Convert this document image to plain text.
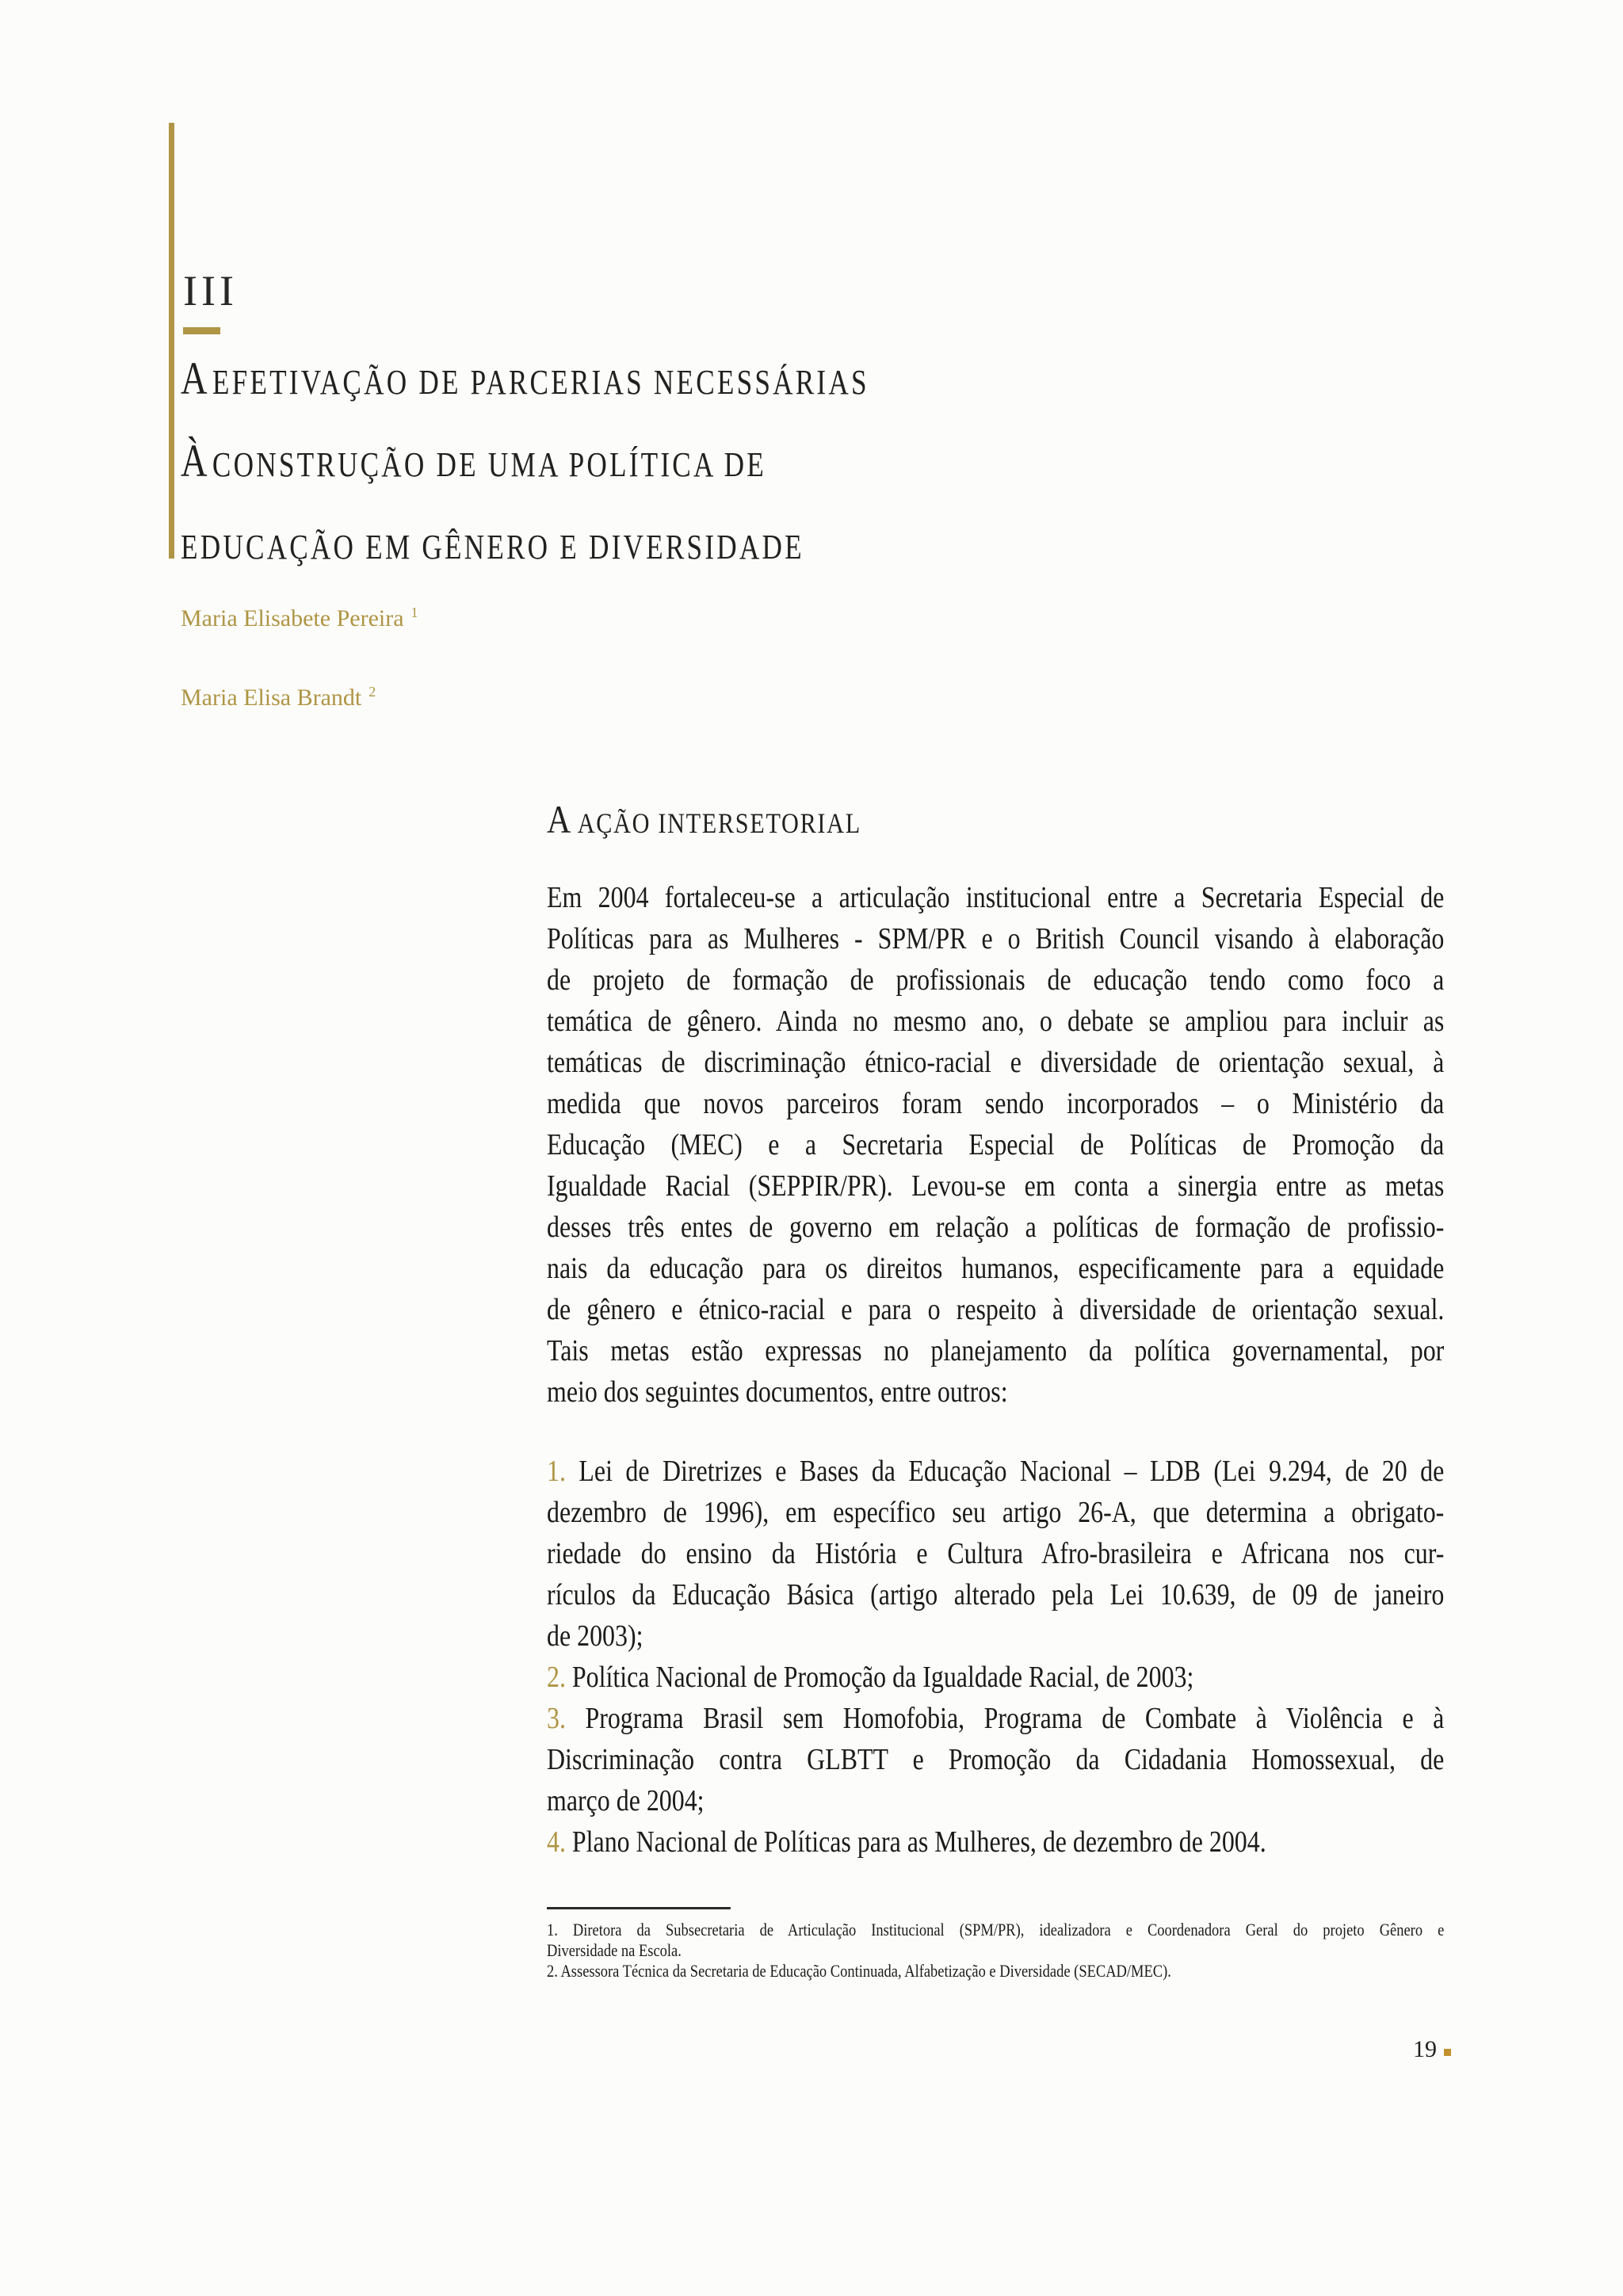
III
A EFETIVAÇÃO DE PARCERIAS NECESSÁRIAS
À CONSTRUÇÃO DE UMA POLÍTICA DE
EDUCAÇÃO EM GÊNERO E DIVERSIDADE
Maria Elisabete Pereira $^1$
Maria Elisa Brandt $^2$
A AÇÃO INTERSETORIAL
Em 2004 fortaleceu-se a articulação institucional entre a Secretaria Especial de
Políticas para as Mulheres - SPM/PR e o British Council visando à elaboração
de projeto de formação de profissionais de educação tendo como foco a
temática de gênero. Ainda no mesmo ano, o debate se ampliou para incluir as
temáticas de discriminação étnico-racial e diversidade de orientação sexual, à
medida que novos parceiros foram sendo incorporados – o Ministério da
Educação (MEC) e a Secretaria Especial de Políticas de Promoção da
Igualdade Racial (SEPPIR/PR). Levou-se em conta a sinergia entre as metas
desses três entes de governo em relação a políticas de formação de profissio-
nais da educação para os direitos humanos, especificamente para a equidade
de gênero e étnico-racial e para o respeito à diversidade de orientação sexual.
Tais metas estão expressas no planejamento da política governamental, por
meio dos seguintes documentos, entre outros:
1. Lei de Diretrizes e Bases da Educação Nacional – LDB (Lei 9.294, de 20 de
dezembro de 1996), em específico seu artigo 26-A, que determina a obrigato-
riedade do ensino da História e Cultura Afro-brasileira e Africana nos cur-
rículos da Educação Básica (artigo alterado pela Lei 10.639, de 09 de janeiro
de 2003);
2. Política Nacional de Promoção da Igualdade Racial, de 2003;
3. Programa Brasil sem Homofobia, Programa de Combate à Violência e à
Discriminação contra GLBTT e Promoção da Cidadania Homossexual, de
março de 2004;
4. Plano Nacional de Políticas para as Mulheres, de dezembro de 2004.
1. Diretora da Subsecretaria de Articulação Institucional (SPM/PR), idealizadora e Coordenadora Geral do projeto Gênero e
Diversidade na Escola.
2. Assessora Técnica da Secretaria de Educação Continuada, Alfabetização e Diversidade (SECAD/MEC).
19
